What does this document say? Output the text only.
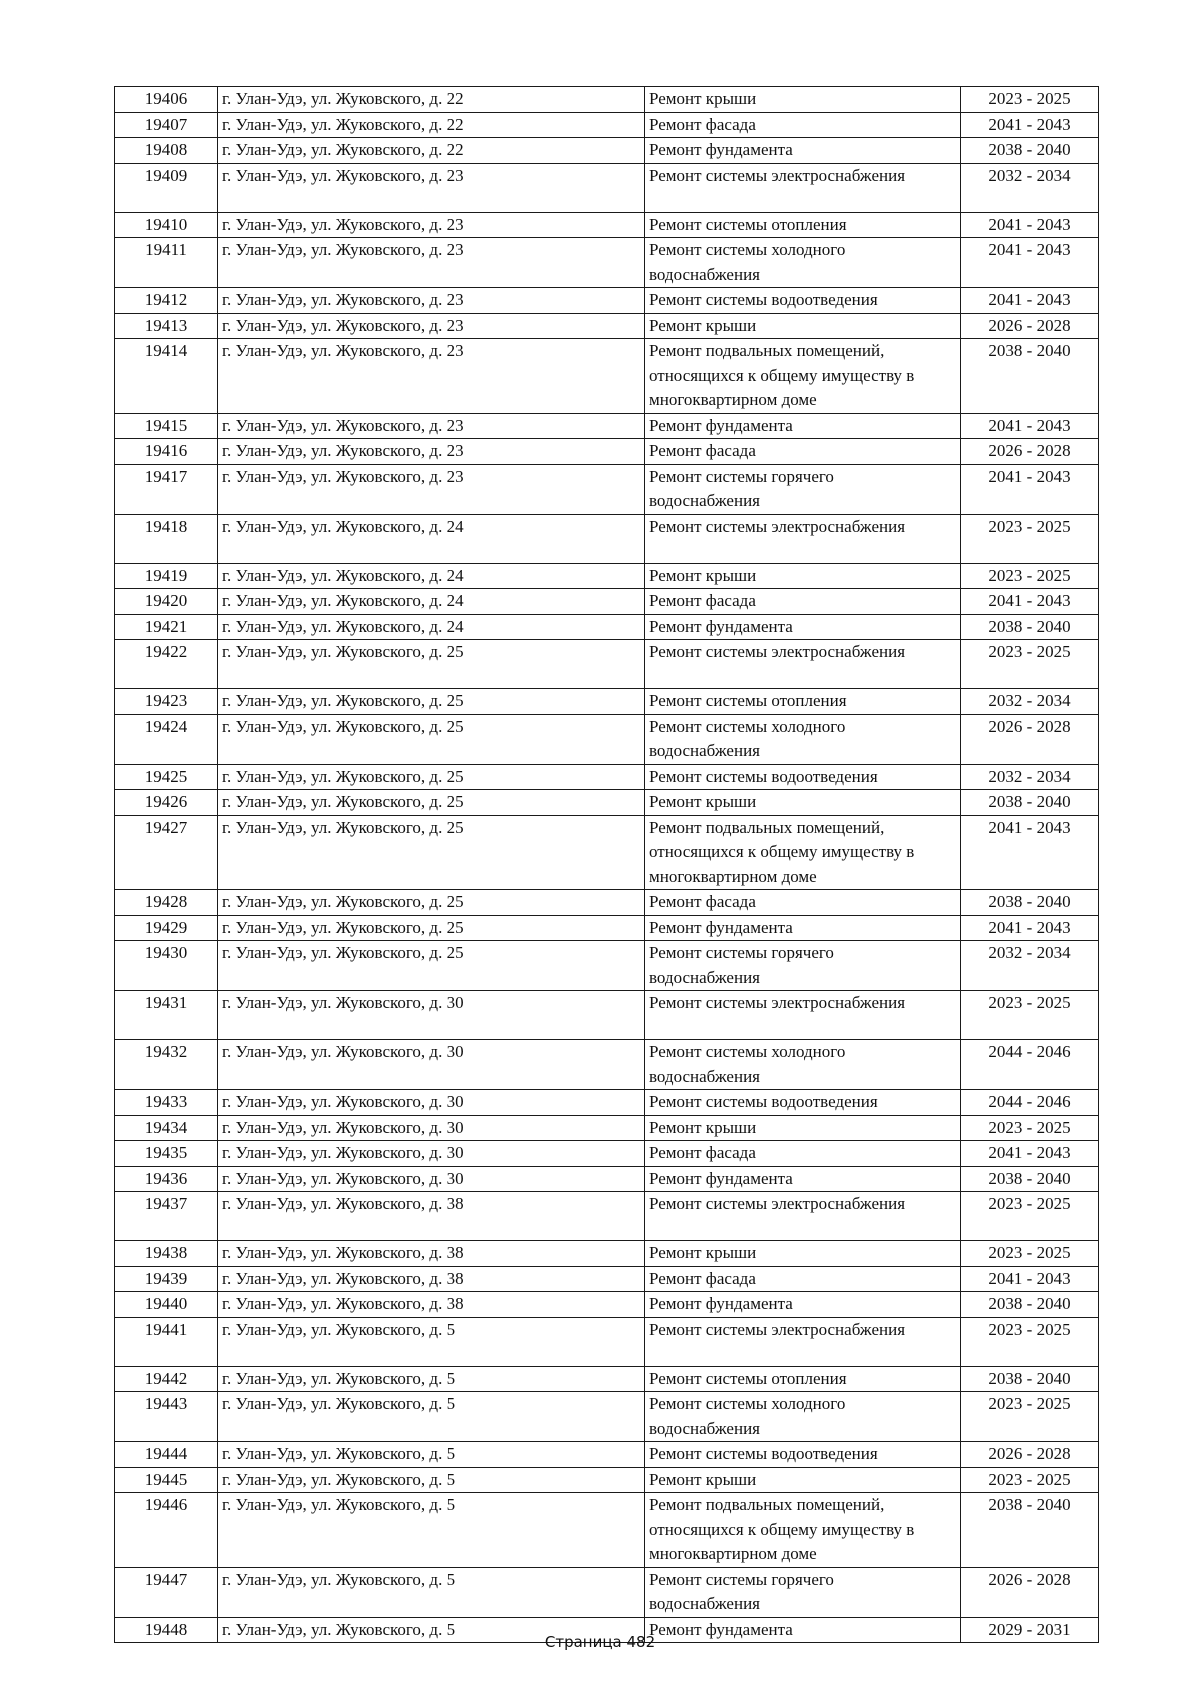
19406	г. Улан-Удэ, ул. Жуковского, д. 22	Ремонт крыши	2023 - 2025
19407	г. Улан-Удэ, ул. Жуковского, д. 22	Ремонт фасада	2041 - 2043
19408	г. Улан-Удэ, ул. Жуковского, д. 22	Ремонт фундамента	2038 - 2040
19409	г. Улан-Удэ, ул. Жуковского, д. 23	Ремонт системы электроснабжения	2032 - 2034
19410	г. Улан-Удэ, ул. Жуковского, д. 23	Ремонт системы отопления	2041 - 2043
19411	г. Улан-Удэ, ул. Жуковского, д. 23	Ремонт системы холодного
водоснабжения	2041 - 2043
19412	г. Улан-Удэ, ул. Жуковского, д. 23	Ремонт системы водоотведения	2041 - 2043
19413	г. Улан-Удэ, ул. Жуковского, д. 23	Ремонт крыши	2026 - 2028
19414	г. Улан-Удэ, ул. Жуковского, д. 23	Ремонт подвальных помещений,
относящихся к общему имуществу в
многоквартирном доме	2038 - 2040
19415	г. Улан-Удэ, ул. Жуковского, д. 23	Ремонт фундамента	2041 - 2043
19416	г. Улан-Удэ, ул. Жуковского, д. 23	Ремонт фасада	2026 - 2028
19417	г. Улан-Удэ, ул. Жуковского, д. 23	Ремонт системы горячего
водоснабжения	2041 - 2043
19418	г. Улан-Удэ, ул. Жуковского, д. 24	Ремонт системы электроснабжения	2023 - 2025
19419	г. Улан-Удэ, ул. Жуковского, д. 24	Ремонт крыши	2023 - 2025
19420	г. Улан-Удэ, ул. Жуковского, д. 24	Ремонт фасада	2041 - 2043
19421	г. Улан-Удэ, ул. Жуковского, д. 24	Ремонт фундамента	2038 - 2040
19422	г. Улан-Удэ, ул. Жуковского, д. 25	Ремонт системы электроснабжения	2023 - 2025
19423	г. Улан-Удэ, ул. Жуковского, д. 25	Ремонт системы отопления	2032 - 2034
19424	г. Улан-Удэ, ул. Жуковского, д. 25	Ремонт системы холодного
водоснабжения	2026 - 2028
19425	г. Улан-Удэ, ул. Жуковского, д. 25	Ремонт системы водоотведения	2032 - 2034
19426	г. Улан-Удэ, ул. Жуковского, д. 25	Ремонт крыши	2038 - 2040
19427	г. Улан-Удэ, ул. Жуковского, д. 25	Ремонт подвальных помещений,
относящихся к общему имуществу в
многоквартирном доме	2041 - 2043
19428	г. Улан-Удэ, ул. Жуковского, д. 25	Ремонт фасада	2038 - 2040
19429	г. Улан-Удэ, ул. Жуковского, д. 25	Ремонт фундамента	2041 - 2043
19430	г. Улан-Удэ, ул. Жуковского, д. 25	Ремонт системы горячего
водоснабжения	2032 - 2034
19431	г. Улан-Удэ, ул. Жуковского, д. 30	Ремонт системы электроснабжения	2023 - 2025
19432	г. Улан-Удэ, ул. Жуковского, д. 30	Ремонт системы холодного
водоснабжения	2044 - 2046
19433	г. Улан-Удэ, ул. Жуковского, д. 30	Ремонт системы водоотведения	2044 - 2046
19434	г. Улан-Удэ, ул. Жуковского, д. 30	Ремонт крыши	2023 - 2025
19435	г. Улан-Удэ, ул. Жуковского, д. 30	Ремонт фасада	2041 - 2043
19436	г. Улан-Удэ, ул. Жуковского, д. 30	Ремонт фундамента	2038 - 2040
19437	г. Улан-Удэ, ул. Жуковского, д. 38	Ремонт системы электроснабжения	2023 - 2025
19438	г. Улан-Удэ, ул. Жуковского, д. 38	Ремонт крыши	2023 - 2025
19439	г. Улан-Удэ, ул. Жуковского, д. 38	Ремонт фасада	2041 - 2043
19440	г. Улан-Удэ, ул. Жуковского, д. 38	Ремонт фундамента	2038 - 2040
19441	г. Улан-Удэ, ул. Жуковского, д. 5	Ремонт системы электроснабжения	2023 - 2025
19442	г. Улан-Удэ, ул. Жуковского, д. 5	Ремонт системы отопления	2038 - 2040
19443	г. Улан-Удэ, ул. Жуковского, д. 5	Ремонт системы холодного
водоснабжения	2023 - 2025
19444	г. Улан-Удэ, ул. Жуковского, д. 5	Ремонт системы водоотведения	2026 - 2028
19445	г. Улан-Удэ, ул. Жуковского, д. 5	Ремонт крыши	2023 - 2025
19446	г. Улан-Удэ, ул. Жуковского, д. 5	Ремонт подвальных помещений,
относящихся к общему имуществу в
многоквартирном доме	2038 - 2040
19447	г. Улан-Удэ, ул. Жуковского, д. 5	Ремонт системы горячего
водоснабжения	2026 - 2028
19448	г. Улан-Удэ, ул. Жуковского, д. 5	Ремонт фундамента	2029 - 2031
Страница 482
